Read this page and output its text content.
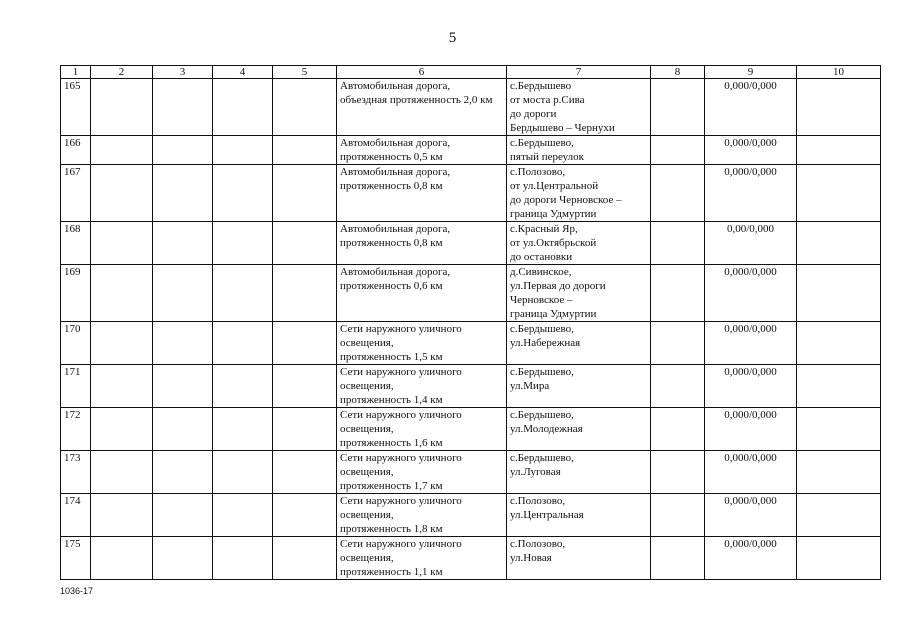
5
1	2	3	4	5	6	7	8	9	10
165					Автомобильная дорога,
объездная протяженность 2,0 км	с.Бердышево
от моста р.Сива
до дороги
Бердышево – Чернухи		0,000/0,000	
166					Автомобильная дорога,
протяженность 0,5 км	с.Бердышево,
пятый переулок		0,000/0,000	
167					Автомобильная дорога,
протяженность 0,8 км	с.Полозово,
от ул.Центральной
до дороги Черновское –
граница Удмуртии		0,000/0,000	
168					Автомобильная дорога,
протяженность 0,8 км	с.Красный Яр,
от ул.Октябрьской
до остановки		0,00/0,000	
169					Автомобильная дорога,
протяженность 0,6 км	д.Сивинское,
ул.Первая до дороги
Черновское –
граница Удмуртии		0,000/0,000	
170					Сети наружного уличного
освещения,
протяженность 1,5 км	с.Бердышево,
ул.Набережная		0,000/0,000	
171					Сети наружного уличного
освещения,
протяженность 1,4 км	с.Бердышево,
ул.Мира		0,000/0,000	
172					Сети наружного уличного
освещения,
протяженность 1,6 км	с.Бердышево,
ул.Молодежная		0,000/0,000	
173					Сети наружного уличного
освещения,
протяженность 1,7 км	с.Бердышево,
ул.Луговая		0,000/0,000	
174					Сети наружного уличного
освещения,
протяженность 1,8 км	с.Полозово,
ул.Центральная		0,000/0,000	
175					Сети наружного уличного
освещения,
протяженность 1,1 км	с.Полозово,
ул.Новая		0,000/0,000	
1036-17
